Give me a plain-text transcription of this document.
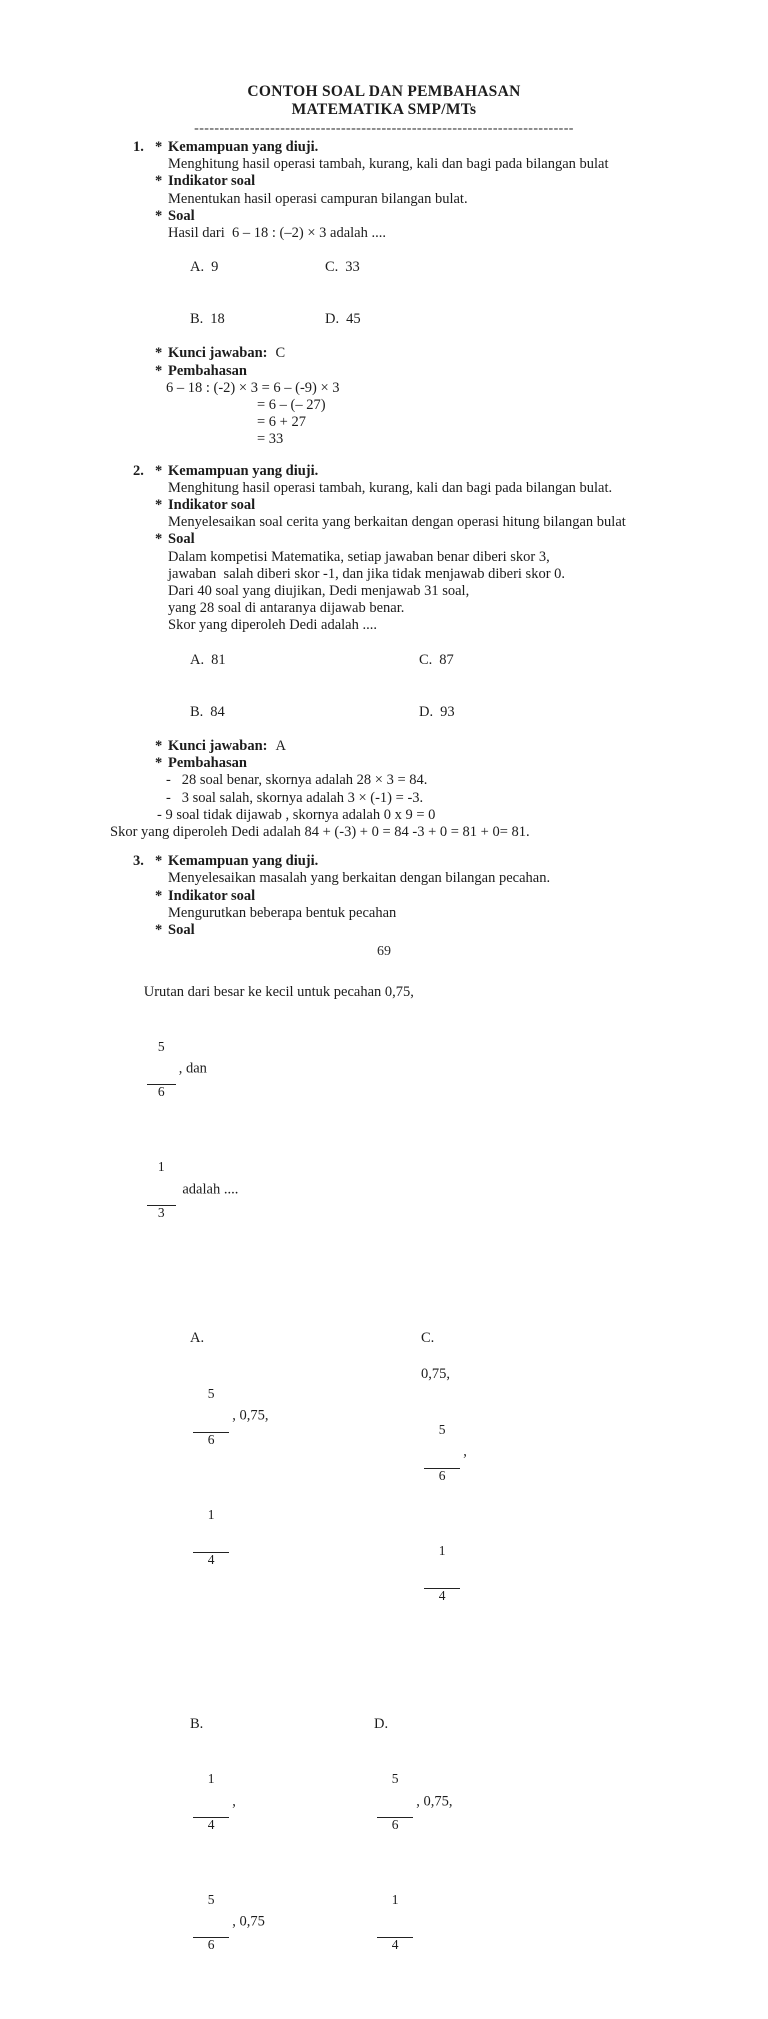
CONTOH SOAL DAN PEMBAHASAN
MATEMATIKA SMP/MTs
---------------------------------------------------------------------------
1. * Kemampuan yang diuji.
Menghitung hasil operasi tambah, kurang, kali dan bagi pada bilangan bulat
* Indikator soal
Menentukan hasil operasi campuran bilangan bulat.
* Soal
Hasil dari  6 – 18 : (–2) × 3 adalah ....

A. 9
	C. 33

B. 18
	D. 45

* Kunci jawaban: C
* Pembahasan
6 – 18 : (-2) × 3 = 6 – (-9) × 3
= 6 – (– 27)
= 6 + 27
= 33
2. * Kemampuan yang diuji.
Menghitung hasil operasi tambah, kurang, kali dan bagi pada bilangan bulat.
* Indikator soal
Menyelesaikan soal cerita yang berkaitan dengan operasi hitung bilangan bulat
* Soal
Dalam kompetisi Matematika, setiap jawaban benar diberi skor 3,
jawaban  salah diberi skor -1, dan jika tidak menjawab diberi skor 0.
Dari 40 soal yang diujikan, Dedi menjawab 31 soal,
yang 28 soal di antaranya dijawab benar.
Skor yang diperoleh Dedi adalah ....

A. 81
	C. 87

B. 84
	D. 93

* Kunci jawaban: A
* Pembahasan
-   28 soal benar, skornya adalah 28 × 3 = 84.
-   3 soal salah, skornya adalah 3 × (-1) = -3.
- 9 soal tidak dijawab , skornya adalah 0 x 9 = 0
Skor yang diperoleh Dedi adalah 84 + (-3) + 0 = 84 -3 + 0 = 81 + 0= 81.
3. * Kemampuan yang diuji.
Menyelesaikan masalah yang berkaitan dengan bilangan pecahan.
* Indikator soal
Mengurutkan beberapa bentuk pecahan
* Soal

Urutan dari besar ke kecil untuk pecahan 0,75,

$\frac{5}{6}$ , dan

$\frac{1}{3}$ adalah ....

A.

$\frac{5}{6}$ , 0,75,

$\frac{1}{4}$

C.
0,75,

$\frac{5}{6}$ ,

$\frac{1}{4}$

B.

$\frac{1}{4}$ ,

$\frac{5}{6}$ , 0,75

D.

$\frac{5}{6}$ , 0,75,

$\frac{1}{4}$

69
